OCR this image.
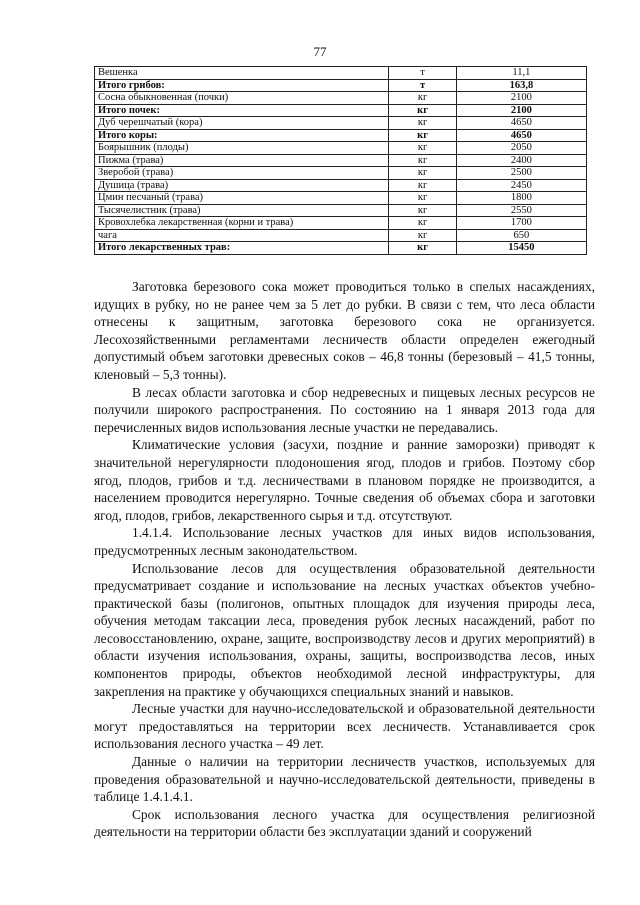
77
Вешенка	т	11,1
Итого грибов:	т	163,8
Сосна обыкновенная (почки)	кг	2100
Итого почек:	кг	2100
Дуб черешчатый (кора)	кг	4650
Итого коры:	кг	4650
Боярышник (плоды)	кг	2050
Пижма (трава)	кг	2400
Зверобой (трава)	кг	2500
Душица (трава)	кг	2450
Цмин песчаный (трава)	кг	1800
Тысячелистник (трава)	кг	2550
Кровохлебка лекарственная (корни и трава)	кг	1700
чага	кг	650
Итого лекарственных трав:	кг	15450

Заготовка березового сока может проводиться только в спелых насаждениях, идущих в рубку, но не ранее чем за 5 лет до рубки. В связи с тем, что леса области отнесены к защитным, заготовка березового сока не организуется. Лесохозяйственными регламентами лесничеств области определен ежегодный допустимый объем заготовки древесных соков – 46,8 тонны (березовый – 41,5 тонны, кленовый – 5,3 тонны).

В лесах области заготовка и сбор недревесных и пищевых лесных ресурсов не получили широкого распространения. По состоянию на 1 января 2013 года для перечисленных видов использования лесные участки не передавались.

Климатические условия (засухи, поздние и ранние заморозки) приводят к значительной нерегулярности плодоношения ягод, плодов и грибов. Поэтому сбор ягод, плодов, грибов и т.д. лесничествами в плановом порядке не производится, а населением проводится нерегулярно. Точные сведения об объемах сбора и заготовки ягод, плодов, грибов, лекарственного сырья и т.д. отсутствуют.

1.4.1.4. Использование лесных участков для иных видов использования, предусмотренных лесным законодательством.

Использование лесов для осуществления образовательной деятельности предусматривает создание и использование на лесных участках объектов учебно-практической базы (полигонов, опытных площадок для изучения природы леса, обучения методам таксации леса, проведения рубок лесных насаждений, работ по лесовосстановлению, охране, защите, воспроизводству лесов и других мероприятий) в области изучения использования, охраны, защиты, воспроизводства лесов, иных компонентов природы, объектов необходимой лесной инфраструктуры, для закрепления на практике у обучающихся специальных знаний и навыков.

Лесные участки для научно-исследовательской и образовательной деятельности могут предоставляться на территории всех лесничеств. Устанавливается срок использования лесного участка – 49 лет.

Данные о наличии на территории лесничеств участков, используемых для проведения образовательной и научно-исследовательской деятельности, приведены в таблице 1.4.1.4.1.

Срок использования лесного участка для осуществления религиозной деятельности на территории области без эксплуатации зданий и сооружений
